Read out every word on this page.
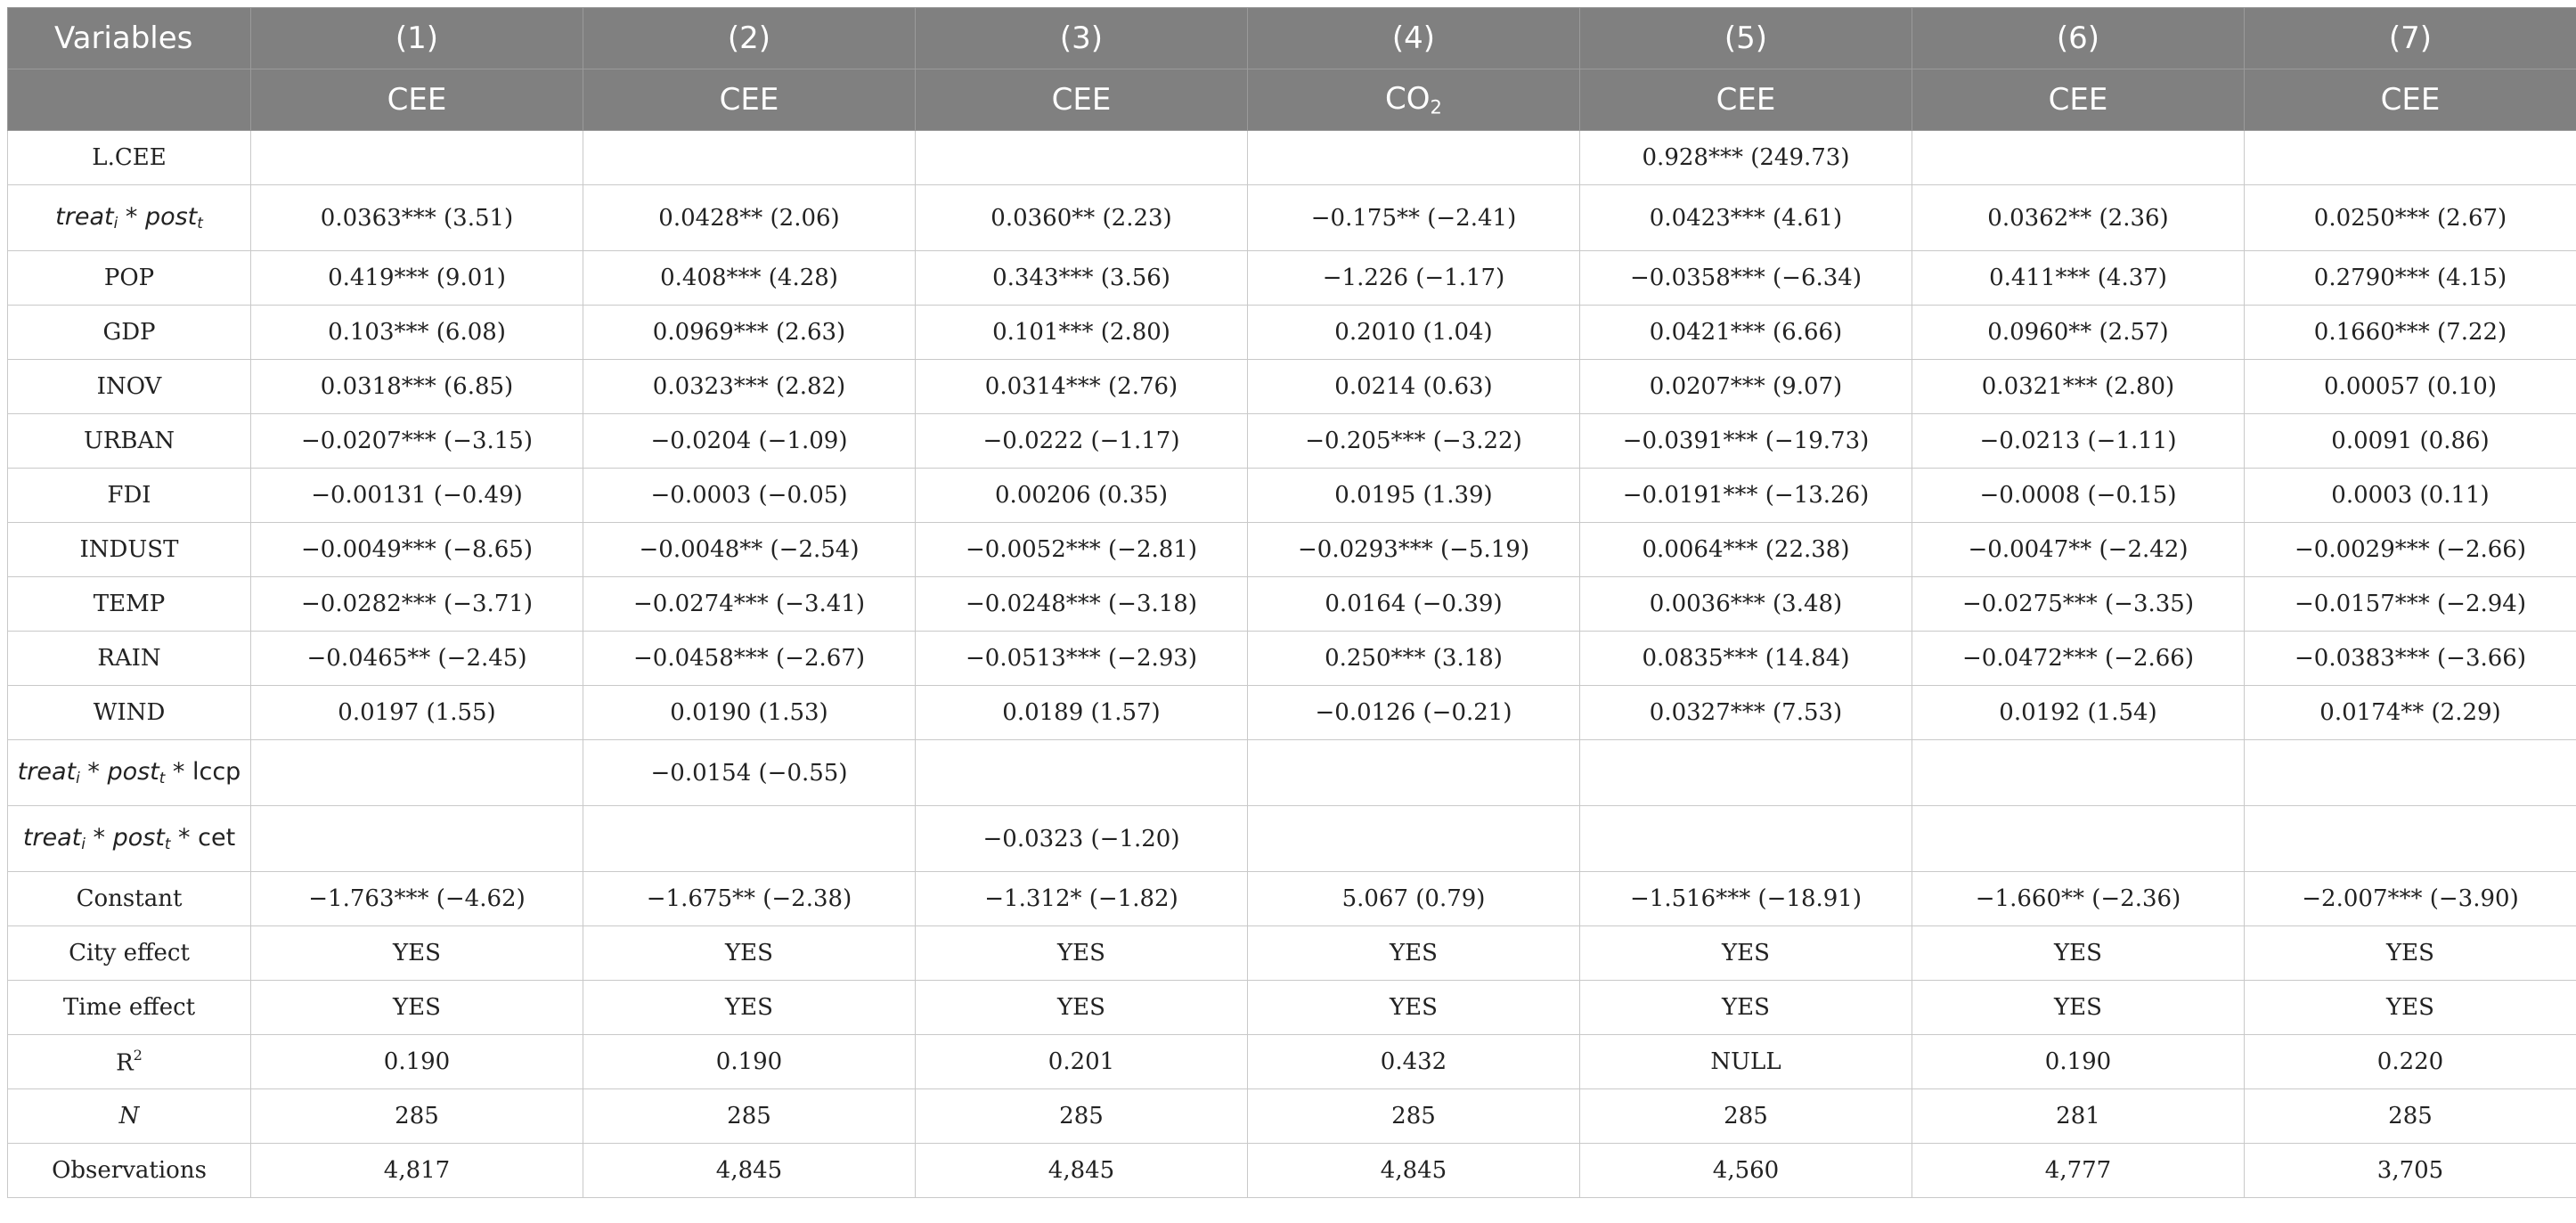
Variables	(1)	(2)	(3)	(4)	(5)	(6)	(7)
	CEE	CEE	CEE	$CO_2$	CEE	CEE	CEE
L.CEE					0.928*** (249.73)		
treat$_i$ * post$_t$	0.0363*** (3.51)	0.0428** (2.06)	0.0360** (2.23)	−0.175** (−2.41)	0.0423*** (4.61)	0.0362** (2.36)	0.0250*** (2.67)
POP	0.419*** (9.01)	0.408*** (4.28)	0.343*** (3.56)	−1.226 (−1.17)	−0.0358*** (−6.34)	0.411*** (4.37)	0.2790*** (4.15)
GDP	0.103*** (6.08)	0.0969*** (2.63)	0.101*** (2.80)	0.2010 (1.04)	0.0421*** (6.66)	0.0960** (2.57)	0.1660*** (7.22)
INOV	0.0318*** (6.85)	0.0323*** (2.82)	0.0314*** (2.76)	0.0214 (0.63)	0.0207*** (9.07)	0.0321*** (2.80)	0.00057 (0.10)
URBAN	−0.0207*** (−3.15)	−0.0204 (−1.09)	−0.0222 (−1.17)	−0.205*** (−3.22)	−0.0391*** (−19.73)	−0.0213 (−1.11)	0.0091 (0.86)
FDI	−0.00131 (−0.49)	−0.0003 (−0.05)	0.00206 (0.35)	0.0195 (1.39)	−0.0191*** (−13.26)	−0.0008 (−0.15)	0.0003 (0.11)
INDUST	−0.0049*** (−8.65)	−0.0048** (−2.54)	−0.0052*** (−2.81)	−0.0293*** (−5.19)	0.0064*** (22.38)	−0.0047** (−2.42)	−0.0029*** (−2.66)
TEMP	−0.0282*** (−3.71)	−0.0274*** (−3.41)	−0.0248*** (−3.18)	0.0164 (−0.39)	0.0036*** (3.48)	−0.0275*** (−3.35)	−0.0157*** (−2.94)
RAIN	−0.0465** (−2.45)	−0.0458*** (−2.67)	−0.0513*** (−2.93)	0.250*** (3.18)	0.0835*** (14.84)	−0.0472*** (−2.66)	−0.0383*** (−3.66)
WIND	0.0197 (1.55)	0.0190 (1.53)	0.0189 (1.57)	−0.0126 (−0.21)	0.0327*** (7.53)	0.0192 (1.54)	0.0174** (2.29)
treat$_i$ * post$_t$ * lccp		−0.0154 (−0.55)					
treat$_i$ * post$_t$ * cet			−0.0323 (−1.20)				
Constant	−1.763*** (−4.62)	−1.675** (−2.38)	−1.312* (−1.82)	5.067 (0.79)	−1.516*** (−18.91)	−1.660** (−2.36)	−2.007*** (−3.90)
City effect	YES	YES	YES	YES	YES	YES	YES
Time effect	YES	YES	YES	YES	YES	YES	YES
$R^2$	0.190	0.190	0.201	0.432	NULL	0.190	0.220
N	285	285	285	285	285	281	285
Observations	4,817	4,845	4,845	4,845	4,560	4,777	3,705
